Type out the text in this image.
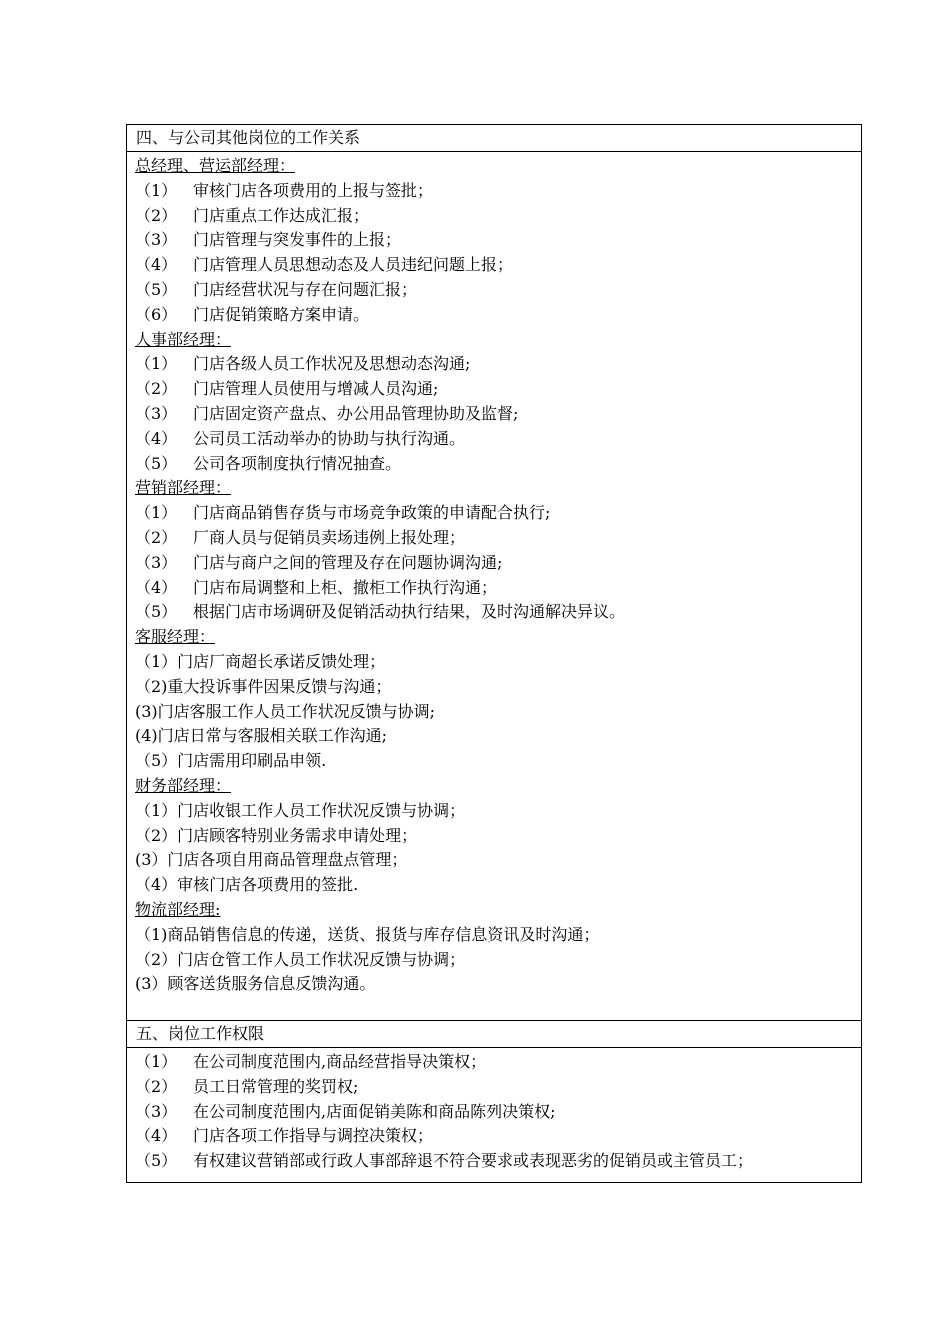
四、与公司其他岗位的工作关系
总经理、营运部经理：
（1） 审核门店各项费用的上报与签批；
（2） 门店重点工作达成汇报；
（3） 门店管理与突发事件的上报；
（4） 门店管理人员思想动态及人员违纪问题上报；
（5） 门店经营状况与存在问题汇报；
（6） 门店促销策略方案申请。
人事部经理：
（1） 门店各级人员工作状况及思想动态沟通;
（2） 门店管理人员使用与增减人员沟通;
（3） 门店固定资产盘点、办公用品管理协助及监督;
（4） 公司员工活动举办的协助与执行沟通。
（5） 公司各项制度执行情况抽查。
营销部经理：
（1） 门店商品销售存货与市场竞争政策的申请配合执行;
（2） 厂商人员与促销员卖场违例上报处理；
（3） 门店与商户之间的管理及存在问题协调沟通;
（4） 门店布局调整和上柜、撤柜工作执行沟通；
（5） 根据门店市场调研及促销活动执行结果，及时沟通解决异议。
客服经理：
（1）门店厂商超长承诺反馈处理；
（2)重大投诉事件因果反馈与沟通；
(3)门店客服工作人员工作状况反馈与协调;
(4)门店日常与客服相关联工作沟通;
（5）门店需用印刷品申领.
财务部经理：
（1）门店收银工作人员工作状况反馈与协调；
（2）门店顾客特别业务需求申请处理；
(3）门店各项自用商品管理盘点管理；
（4）审核门店各项费用的签批.
物流部经理:
（1)商品销售信息的传递，送货、报货与库存信息资讯及时沟通；
（2）门店仓管工作人员工作状况反馈与协调；
(3）顾客送货服务信息反馈沟通。
五、岗位工作权限
（1） 在公司制度范围内,商品经营指导决策权；
（2） 员工日常管理的奖罚权;
（3） 在公司制度范围内,店面促销美陈和商品陈列决策权;
（4） 门店各项工作指导与调控决策权；
（5） 有权建议营销部或行政人事部辞退不符合要求或表现恶劣的促销员或主管员工；
